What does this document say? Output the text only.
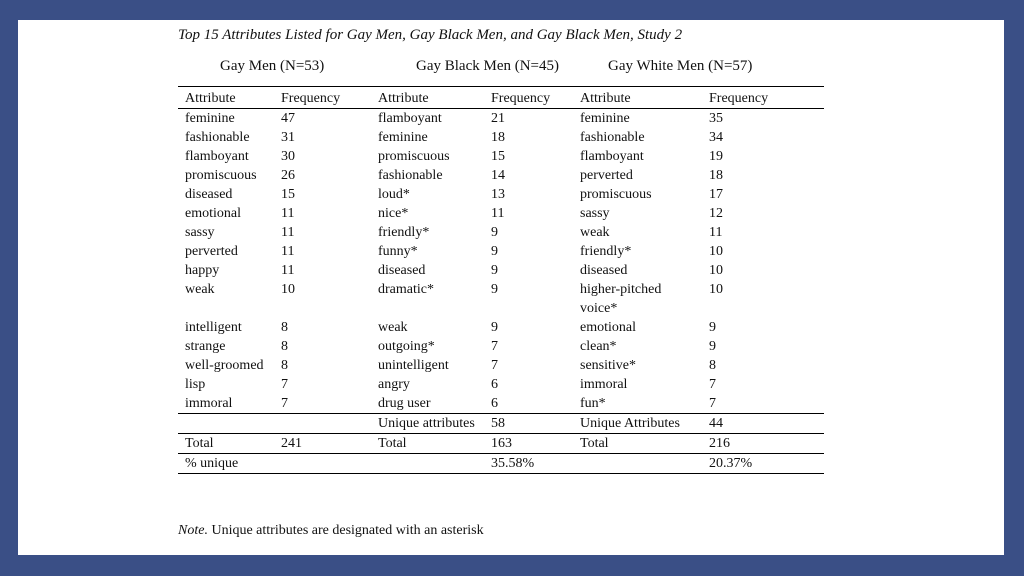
Top 15 Attributes Listed for Gay Men, Gay Black Men, and Gay Black Men, Study 2
Gay Men (N=53)	Gay Black Men (N=45)	Gay White Men (N=57)
Attribute	Frequency	Attribute	Frequency	Attribute	Frequency
feminine	47	flamboyant	21	feminine	35
fashionable	31	feminine	18	fashionable	34
flamboyant	30	promiscuous	15	flamboyant	19
promiscuous	26	fashionable	14	perverted	18
diseased	15	loud*	13	promiscuous	17
emotional	11	nice*	11	sassy	12
sassy	11	friendly*	9	weak	11
perverted	11	funny*	9	friendly*	10
happy	11	diseased	9	diseased	10
weak	10	dramatic*	9	higher-pitched voice*	10
intelligent	8	weak	9	emotional	9
strange	8	outgoing*	7	clean*	9
well-groomed	8	unintelligent	7	sensitive*	8
lisp	7	angry	6	immoral	7
immoral	7	drug user	6	fun*	7
		Unique attributes	58	Unique Attributes	44
Total	241	Total	163	Total	216
% unique			35.58%		20.37%
Note. Unique attributes are designated with an asterisk
